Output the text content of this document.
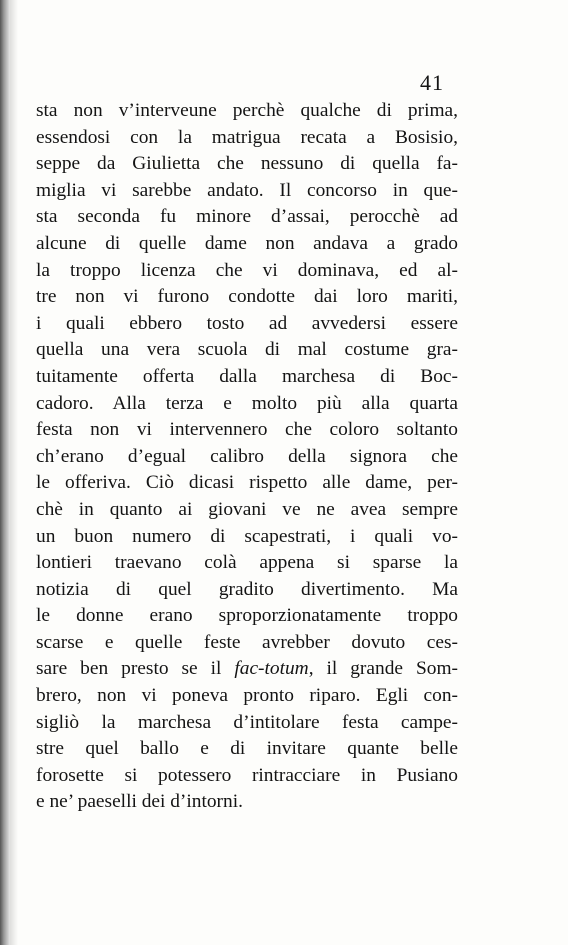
41
sta non v’interveune perchè qualche di prima,
essendosi con la matrigua recata a Bosisio,
seppe da Giulietta che nessuno di quella fa-
miglia vi sarebbe andato. Il concorso in que-
sta seconda fu minore d’assai, perocchè ad
alcune di quelle dame non andava a grado
la troppo licenza che vi dominava, ed al-
tre non vi furono condotte dai loro mariti,
i quali ebbero tosto ad avvedersi essere
quella una vera scuola di mal costume gra-
tuitamente offerta dalla marchesa di Boc-
cadoro. Alla terza e molto più alla quarta
festa non vi intervennero che coloro soltanto
ch’erano d’egual calibro della signora che
le offeriva. Ciò dicasi rispetto alle dame, per-
chè in quanto ai giovani ve ne avea sempre
un buon numero di scapestrati, i quali vo-
lontieri traevano colà appena si sparse la
notizia di quel gradito divertimento. Ma
le donne erano sproporzionatamente troppo
scarse e quelle feste avrebber dovuto ces-
sare ben presto se il fac-totum, il grande Som-
brero, non vi poneva pronto riparo. Egli con-
sigliò la marchesa d’intitolare festa campe-
stre quel ballo e di invitare quante belle
forosette si potessero rintracciare in Pusiano
e ne’ paeselli dei d’intorni.
